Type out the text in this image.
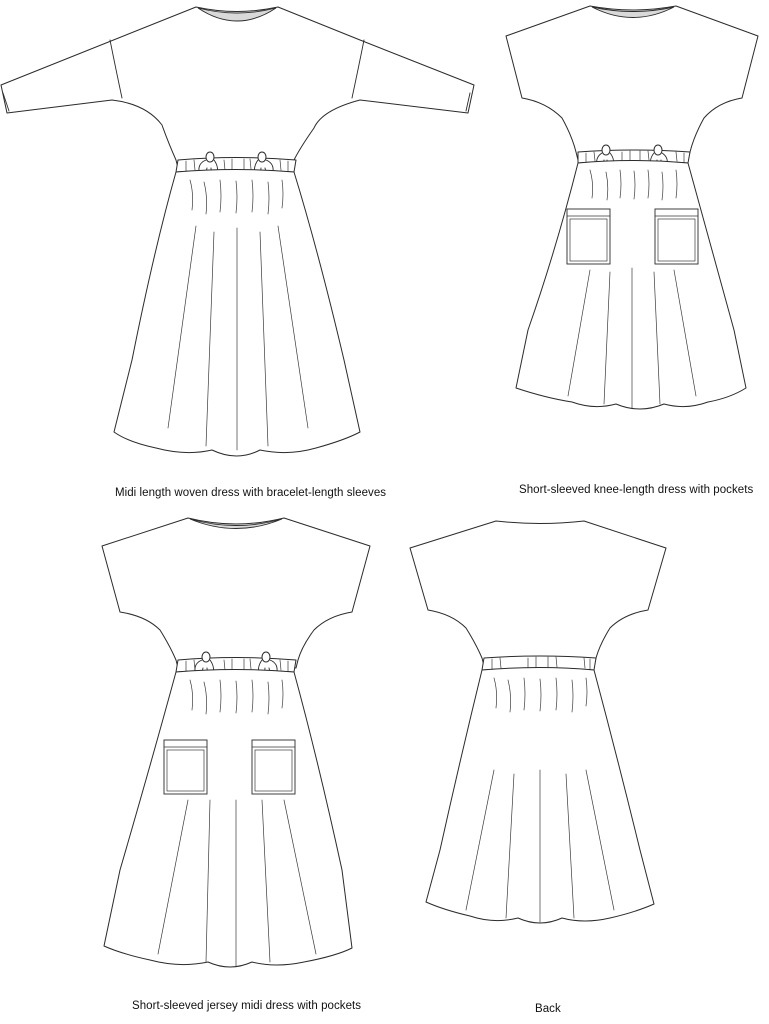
Midi length woven dress with bracelet-length sleeves	Short-sleeved knee-length dress with pockets
Short-sleeved jersey midi dress with pockets	Back
